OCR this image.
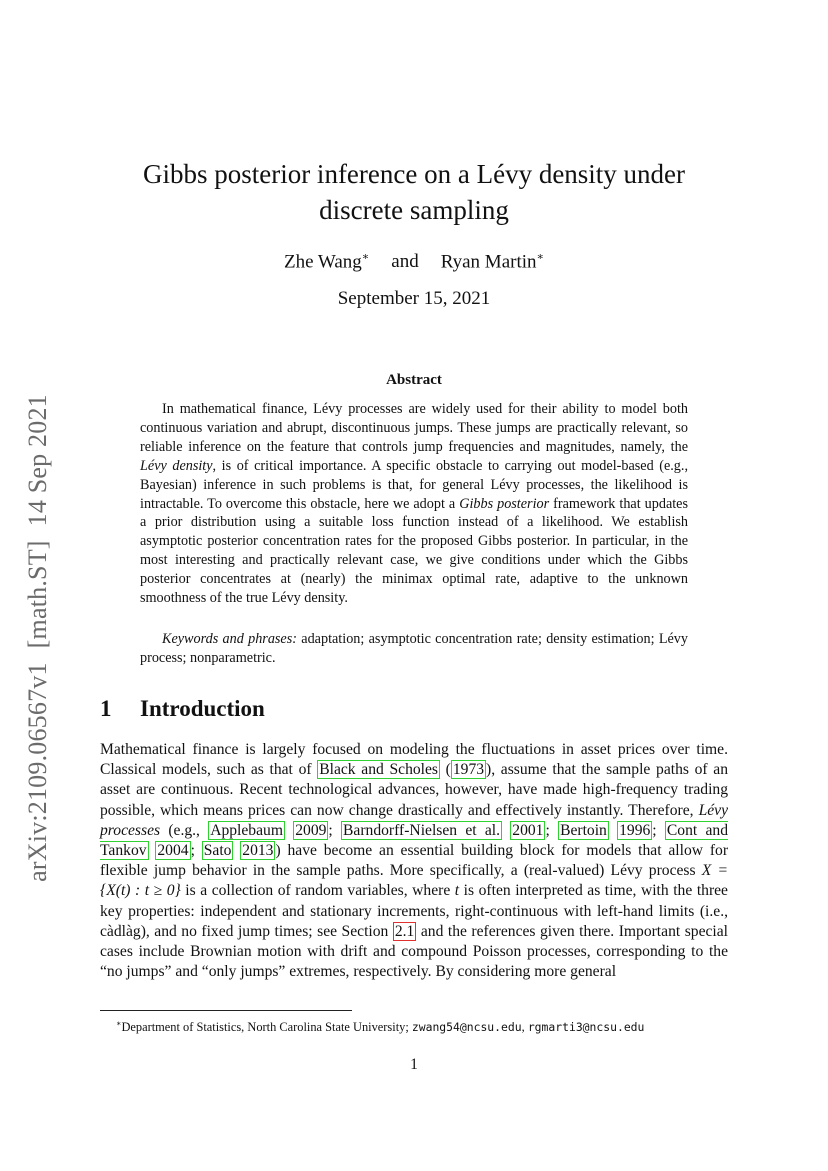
arXiv:2109.06567v1[math.ST]14 Sep 2021
Gibbs posterior inference on a Lévy density under
discrete sampling
Zhe Wang∗ and Ryan Martin∗
September 15, 2021
Abstract

In mathematical finance, Lévy processes are widely used for their ability to model both continuous variation and abrupt, discontinuous jumps. These jumps are practically relevant, so reliable inference on the feature that controls jump frequencies and magnitudes, namely, the Lévy density, is of critical importance. A specific obstacle to carrying out model-based (e.g., Bayesian) inference in such problems is that, for general Lévy processes, the likelihood is intractable. To overcome this obstacle, here we adopt a Gibbs posterior framework that updates a prior distribution using a suitable loss function instead of a likelihood. We establish asymptotic posterior concentration rates for the proposed Gibbs posterior. In particular, in the most interesting and practically relevant case, we give conditions under which the Gibbs posterior concentrates at (nearly) the minimax optimal rate, adaptive to the unknown smoothness of the true Lévy density.

Keywords and phrases: adaptation; asymptotic concentration rate; density estimation; Lévy process; nonparametric.

1 Introduction

Mathematical finance is largely focused on modeling the fluctuations in asset prices over time. Classical models, such as that of Black and Scholes ( 1973 ), assume that the sample paths of an asset are continuous. Recent technological advances, however, have made high-frequency trading possible, which means prices can now change drastically and effectively instantly. Therefore, Lévy processes (e.g., Applebaum 2009 ; Barndorff-Nielsen et al. 2001 ; Bertoin 1996 ; Cont and Tankov 2004 ; Sato 2013 ) have become an essential building block for models that allow for flexible jump behavior in the sample paths. More specifically, a (real-valued) Lévy process X = {X(t) : t ≥ 0} is a collection of random variables, where t is often interpreted as time, with the three key properties: independent and stationary increments, right-continuous with left-hand limits (i.e., càdlàg), and no fixed jump times; see Section 2.1 and the references given there. Important special cases include Brownian motion with drift and compound Poisson processes, corresponding to the “no jumps” and “only jumps” extremes, respectively. By considering more general

∗Department of Statistics, North Carolina State University; zwang54@ncsu.edu, rgmarti3@ncsu.edu
1
